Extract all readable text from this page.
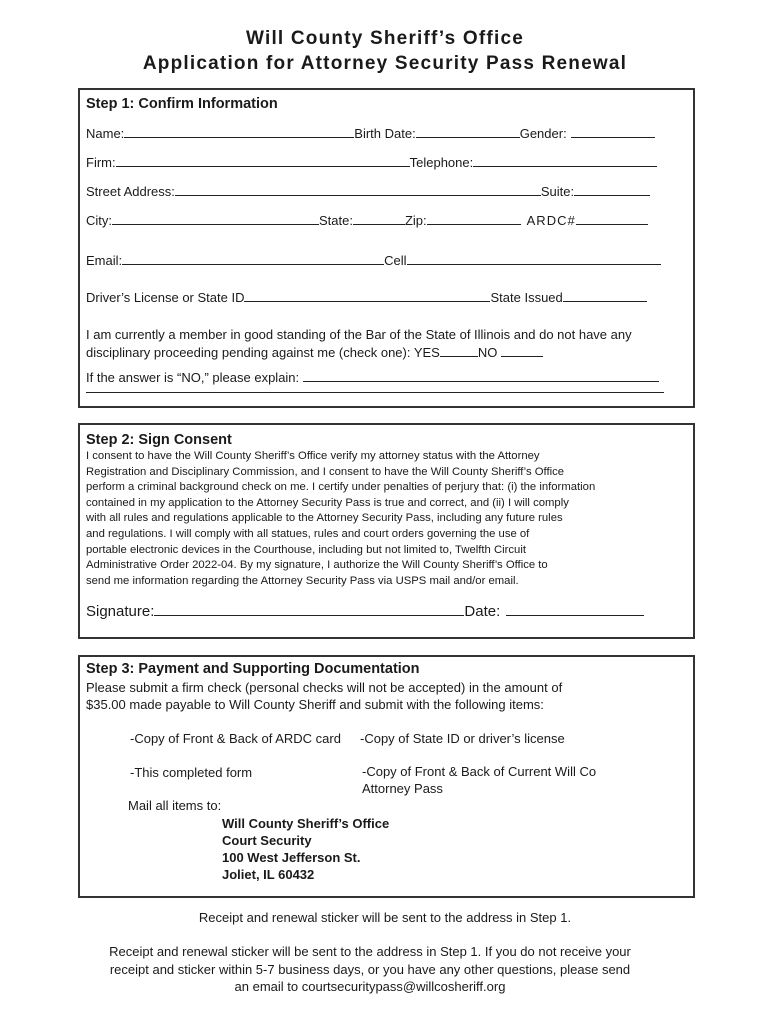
Will County Sheriff’s Office
Application for Attorney Security Pass Renewal
Step 1: Confirm Information
Name:	Birth Date:	Gender:
Firm:	Telephone:
Street Address:	Suite:
City:	State:	Zip:	ARDC#
Email:	Cell
Driver’s License or State ID	State Issued
I am currently a member in good standing of the Bar of the State of Illinois and do not have any
disciplinary proceeding pending against me (check one): YES	NO
If the answer is “NO,” please explain:
Step 2: Sign Consent
I consent to have the Will County Sheriff’s Office verify my attorney status with the Attorney
Registration and Disciplinary Commission, and I consent to have the Will County Sheriff’s Office
perform a criminal background check on me. I certify under penalties of perjury that: (i) the information
contained in my application to the Attorney Security Pass is true and correct, and (ii) I will comply
with all rules and regulations applicable to the Attorney Security Pass, including any future rules
and regulations. I will comply with all statues, rules and court orders governing the use of
portable electronic devices in the Courthouse, including but not limited to, Twelfth Circuit
Administrative Order 2022-04. By my signature, I authorize the Will County Sheriff’s Office to
send me information regarding the Attorney Security Pass via USPS mail and/or email.
Signature:	Date:
Step 3: Payment and Supporting Documentation
Please submit a firm check (personal checks will not be accepted) in the amount of
$35.00 made payable to Will County Sheriff and submit with the following items:
-Copy of Front & Back of ARDC card -Copy of State ID or driver’s license
-This completed form	-Copy of Front & Back of Current Will Co
Attorney Pass
Mail all items to:
Will County Sheriff’s Office
Court Security
100 West Jefferson St.
Joliet, IL 60432
Receipt and renewal sticker will be sent to the address in Step 1.
Receipt and renewal sticker will be sent to the address in Step 1. If you do not receive your
receipt and sticker within 5-7 business days, or you have any other questions, please send
an email to courtsecuritypass@willcosheriff.org
